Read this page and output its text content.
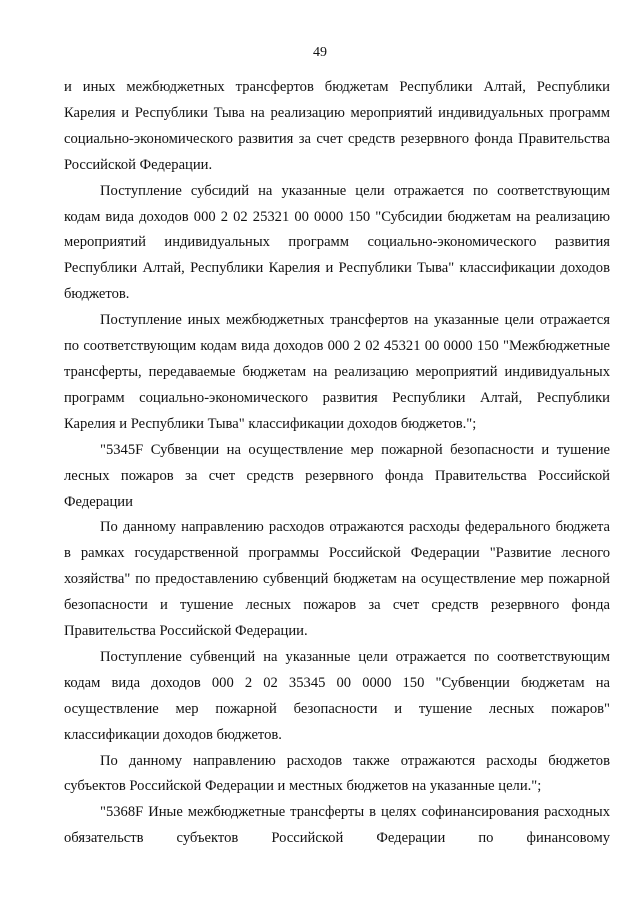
49

и иных межбюджетных трансфертов бюджетам Республики Алтай, Республики Карелия и Республики Тыва на реализацию мероприятий индивидуальных программ социально-экономического развития за счет средств резервного фонда Правительства Российской Федерации.

Поступление субсидий на указанные цели отражается по соответствующим кодам вида доходов 000 2 02 25321 00 0000 150 "Субсидии бюджетам на реализацию мероприятий индивидуальных программ социально-экономического развития Республики Алтай, Республики Карелия и Республики Тыва" классификации доходов бюджетов.

Поступление иных межбюджетных трансфертов на указанные цели отражается по соответствующим кодам вида доходов 000 2 02 45321 00 0000 150 "Межбюджетные трансферты, передаваемые бюджетам на реализацию мероприятий индивидуальных программ социально-экономического развития Республики Алтай, Республики Карелия и Республики Тыва" классификации доходов бюджетов.";

"5345F Субвенции на осуществление мер пожарной безопасности и тушение лесных пожаров за счет средств резервного фонда Правительства Российской Федерации

По данному направлению расходов отражаются расходы федерального бюджета в рамках государственной программы Российской Федерации "Развитие лесного хозяйства" по предоставлению субвенций бюджетам на осуществление мер пожарной безопасности и тушение лесных пожаров за счет средств резервного фонда Правительства Российской Федерации.

Поступление субвенций на указанные цели отражается по соответствующим кодам вида доходов 000 2 02 35345 00 0000 150 "Субвенции бюджетам на осуществление мер пожарной безопасности и тушение лесных пожаров" классификации доходов бюджетов.

По данному направлению расходов также отражаются расходы бюджетов субъектов Российской Федерации и местных бюджетов на указанные цели.";

"5368F Иные межбюджетные трансферты в целях софинансирования расходных обязательств субъектов Российской Федерации по финансовому
